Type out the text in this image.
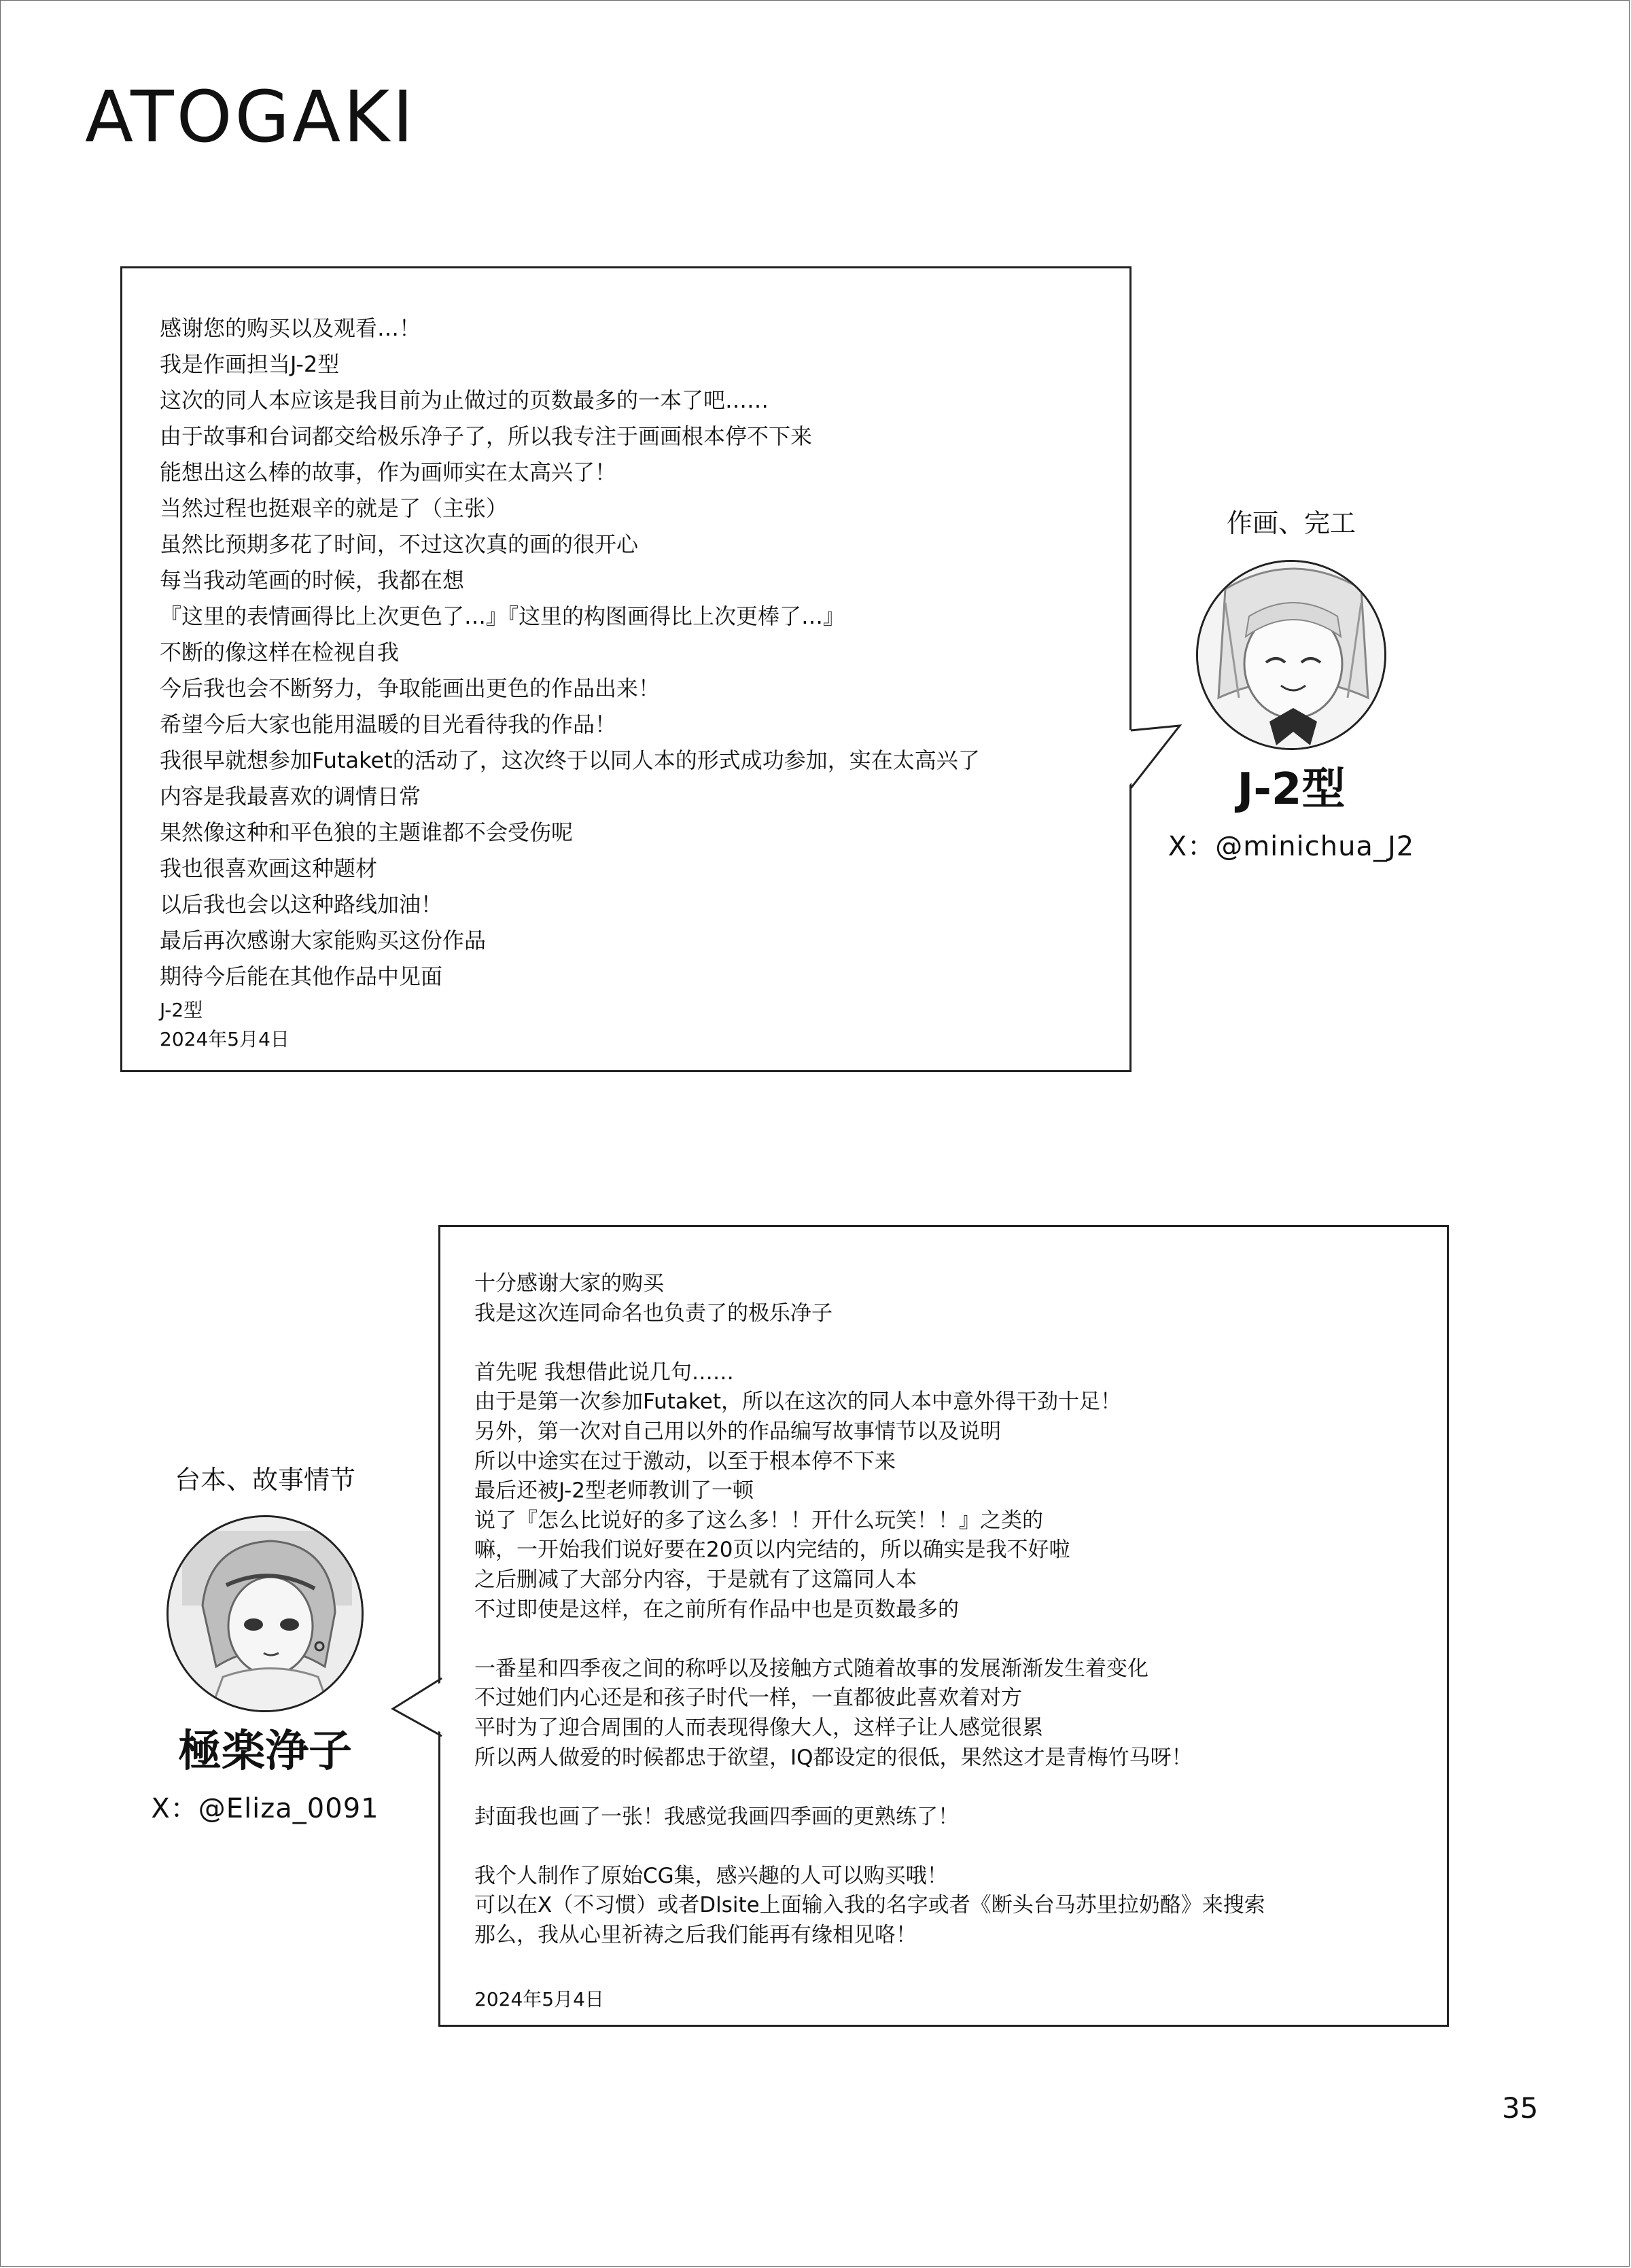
ATOGAKI
感谢您的购买以及观看…！
我是作画担当J-2型
这次的同人本应该是我目前为止做过的页数最多的一本了吧……
由于故事和台词都交给极乐净子了，所以我专注于画画根本停不下来
能想出这么棒的故事，作为画师实在太高兴了！
当然过程也挺艰辛的就是了（主张）
虽然比预期多花了时间，不过这次真的画的很开心
每当我动笔画的时候，我都在想
『这里的表情画得比上次更色了…』『这里的构图画得比上次更棒了…』
不断的像这样在检视自我
今后我也会不断努力，争取能画出更色的作品出来！
希望今后大家也能用温暖的目光看待我的作品！
我很早就想参加Futaket的活动了，这次终于以同人本的形式成功参加，实在太高兴了
内容是我最喜欢的调情日常
果然像这种和平色狼的主题谁都不会受伤呢
我也很喜欢画这种题材
以后我也会以这种路线加油！
最后再次感谢大家能购买这份作品
期待今后能在其他作品中见面
J-2型
2024年5月4日
作画、完工
J-2型
X：@minichua_J2
十分感谢大家的购买
我是这次连同命名也负责了的极乐净子

首先呢 我想借此说几句……
由于是第一次参加Futaket，所以在这次的同人本中意外得干劲十足！
另外，第一次对自己用以外的作品编写故事情节以及说明
所以中途实在过于激动，以至于根本停不下来
最后还被J-2型老师教训了一顿
说了『怎么比说好的多了这么多！！开什么玩笑！！』之类的
嘛，一开始我们说好要在20页以内完结的，所以确实是我不好啦
之后删减了大部分内容，于是就有了这篇同人本
不过即使是这样，在之前所有作品中也是页数最多的

一番星和四季夜之间的称呼以及接触方式随着故事的发展渐渐发生着变化
不过她们内心还是和孩子时代一样，一直都彼此喜欢着对方
平时为了迎合周围的人而表现得像大人，这样子让人感觉很累
所以两人做爱的时候都忠于欲望，IQ都设定的很低，果然这才是青梅竹马呀！

封面我也画了一张！我感觉我画四季画的更熟练了！

我个人制作了原始CG集，感兴趣的人可以购买哦！
可以在X（不习惯）或者Dlsite上面输入我的名字或者《断头台马苏里拉奶酪》来搜索
那么，我从心里祈祷之后我们能再有缘相见咯！
2024年5月4日
台本、故事情节
極楽浄子
X：@Eliza_0091
35
